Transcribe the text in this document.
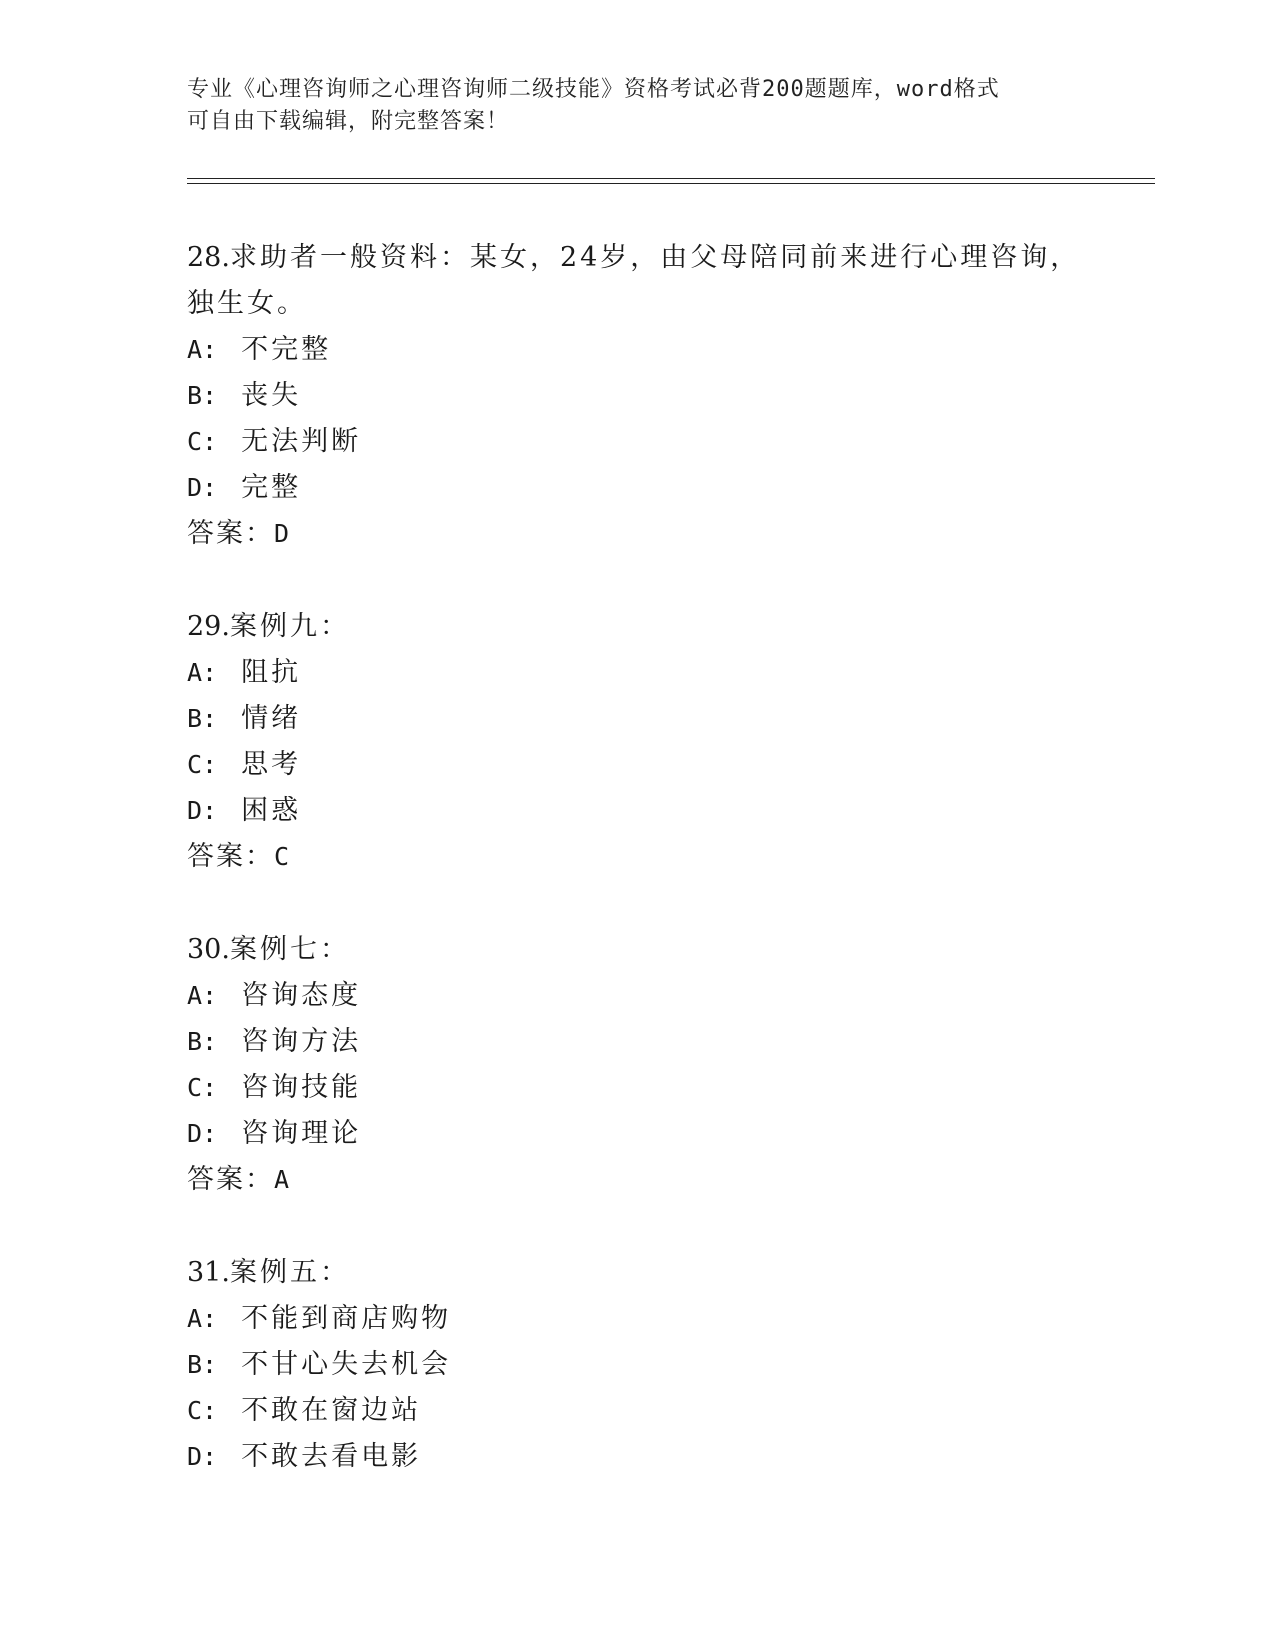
专业《心理咨询师之心理咨询师二级技能》资格考试必背200题题库，word格式
可自由下载编辑，附完整答案！

28.求助者一般资料：某女，24岁，由父母陪同前来进行心理咨询，独生女。

A: 不完整
B: 丧失
C: 无法判断
D: 完整
答案：D

29.案例九：

A: 阻抗
B: 情绪
C: 思考
D: 困惑
答案：C

30.案例七：

A: 咨询态度
B: 咨询方法
C: 咨询技能
D: 咨询理论
答案：A

31.案例五：

A: 不能到商店购物
B: 不甘心失去机会
C: 不敢在窗边站
D: 不敢去看电影
